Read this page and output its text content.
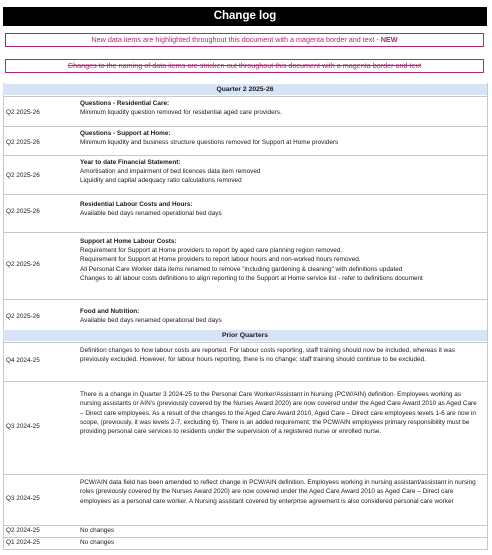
Change log
New data items are highlighted throughout this document with a magenta border and text - NEW
Changes to the naming of data items are stricken-out throughout this document with a magenta border and text
Quarter 2 2025-26
Q2 2025-26
Questions - Residential Care:
Minimum liquidity question removed for residential aged care providers.
Q2 2025-26
Questions - Support at Home:
Minimum liquidity and business structure questions removed for Support at Home providers
Q2 2025-26
Year to date Financial Statement:
Amortisation and impairment of bed licences data item removed
Liquidity and capital adequacy ratio calculations removed
Q2 2025-26
Residential Labour Costs and Hours:
Available bed days renamed operational bed days
Q2 2025-26
Support at Home Labour Costs:
Requirement for Support at Home providers to report by aged care planning region removed.
Requirement for Support at Home providers to report labour hours and non-worked hours removed.
All Personal Care Worker data items renamed to remove "including gardening & cleaning" with definitions updated
Changes to all labour costs definitions to align reporting to the Support at Home service list - refer to definitions document
Q2 2025-26
Food and Nutrition:
Available bed days renamed operational bed days
Prior Quarters
Q4 2024-25
Definition changes to how labour costs are reported. For labour costs reporting, staff training should now be included, whereas it was previously excluded. However, for labour hours reporting, there is no change; staff training should continue to be excluded.
Q3 2024-25
There is a change in Quarter 3 2024-25 to the Personal Care Worker/Assistant in Nursing (PCW/AIN) definition. Employees working as nursing assistants or AIN's (previously covered by the Nurses Award 2020) are now covered under the Aged Care Award 2010 as Aged Care – Direct care employees. As a result of the changes to the Aged Care Award 2010, Aged Care – Direct care employees levels 1-6 are now in scope, (previously, it was levels 2-7, excluding 6). There is an added requirement; the PCW/AIN employees primary responsibility must be providing personal care services to residents under the supervision of a registered nurse or enrolled nurse.
Q3 2024-25
PCW/AIN data field has been amended to reflect change in PCW/AIN definition. Employees working in nursing assistant/assistant in nursing roles (previously covered by the Nurses Award 2020) are now covered under the Aged Care Award 2010 as Aged Care – Direct care employees as a personal care worker. A Nursing assistant covered by enterprise agreement is also considered personal care worker
Q2 2024-25	No changes
Q1 2024-25	No changes
